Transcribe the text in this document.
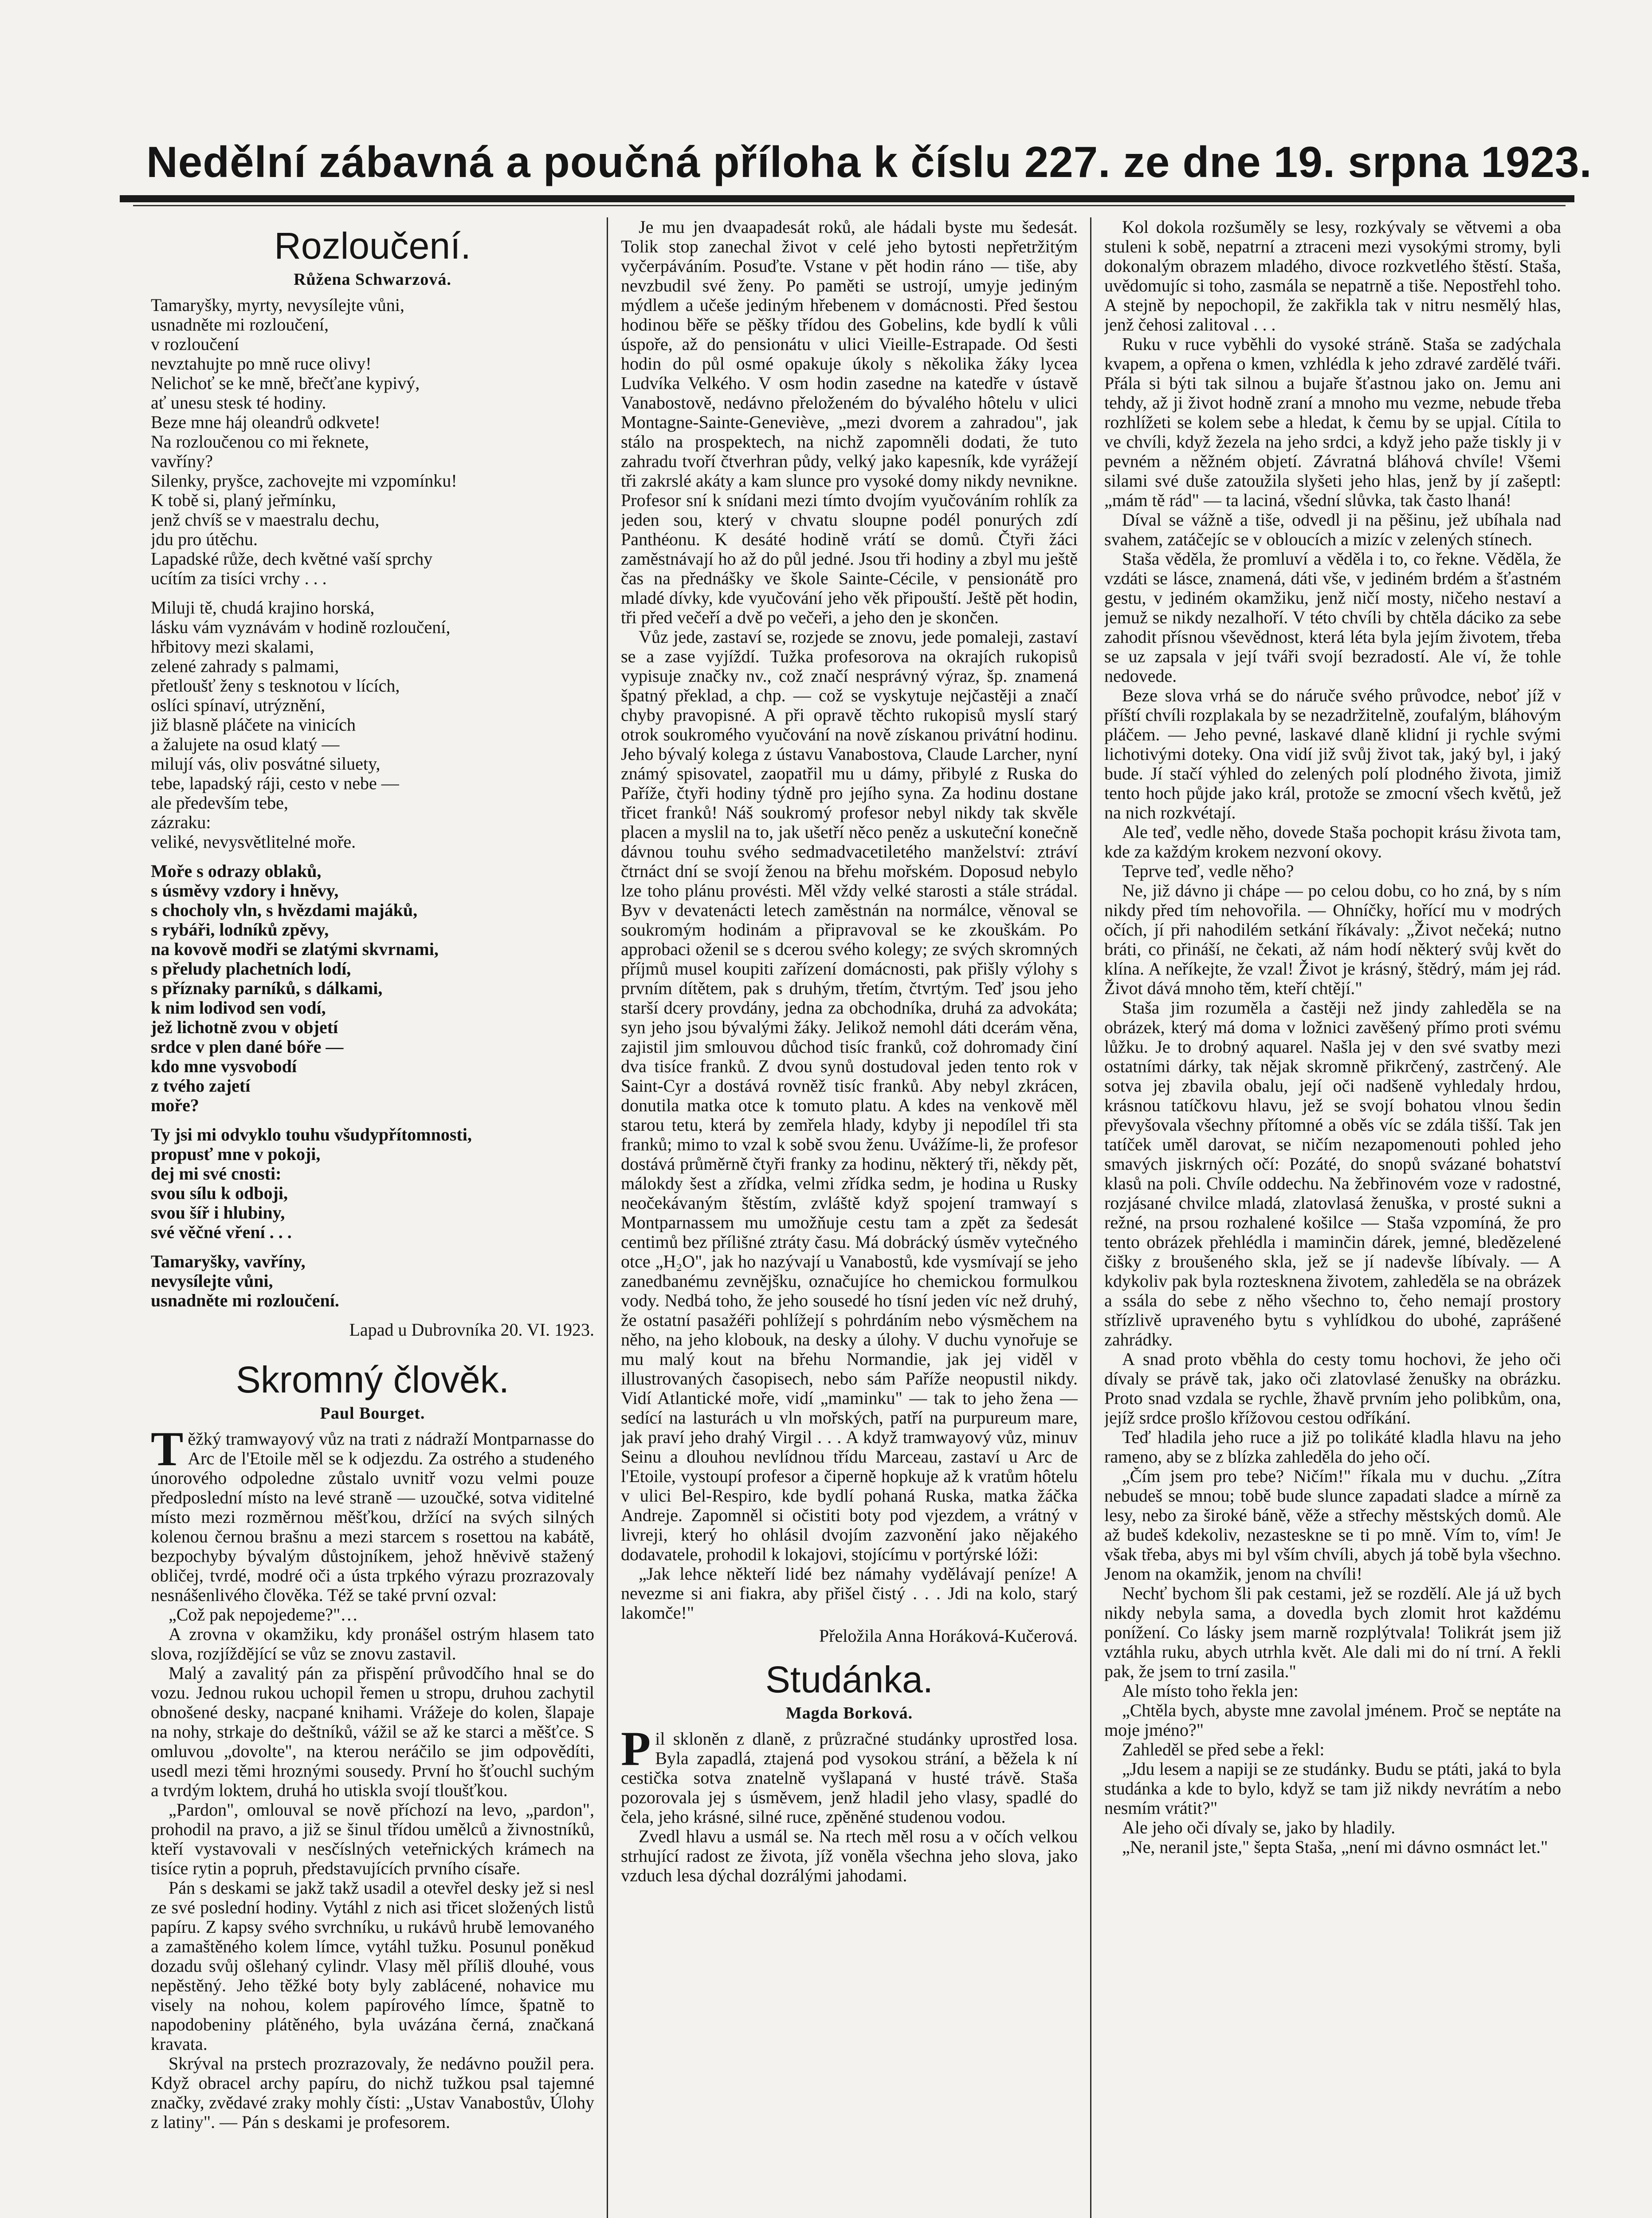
Nedělní zábavná a poučná příloha k číslu 227. ze dne 19. srpna 1923.
Rozloučení.
Růžena Schwarzová.

Tamaryšky, myrty, nevysílejte vůni,
usnadněte mi rozloučení,
v rozloučení
nevztahujte po mně ruce olivy!
Nelichoť se ke mně, břečťane kypivý,
ať unesu stesk té hodiny.
Beze mne háj oleandrů odkvete!
Na rozloučenou co mi řeknete,
vavříny?
Silenky, pryšce, zachovejte mi vzpomínku!
K tobě si, planý jeřmínku,
jenž chvíš se v maestralu dechu,
jdu pro útěchu.
Lapadské růže, dech květné vaší sprchy
ucítím za tisíci vrchy . . .

Miluji tě, chudá krajino horská,
lásku vám vyznávám v hodině rozloučení,
hřbitovy mezi skalami,
zelené zahrady s palmami,
přetloušť ženy s tesknotou v lících,
oslíci spínaví, utrýznění,
již blasně pláčete na vinicích
a žalujete na osud klatý —
milují vás, oliv posvátné siluety,
tebe, lapadský ráji, cesto v nebe —
ale především tebe,
zázraku:
veliké, nevysvětlitelné moře.

Moře s odrazy oblaků,
s úsměvy vzdory i hněvy,
s chocholy vln, s hvězdami majáků,
s rybáři, lodníků zpěvy,
na kovově modři se zlatými skvrnami,
s přeludy plachetních lodí,
s příznaky parníků, s dálkami,
k nim lodivod sen vodí,
jež lichotně zvou v objetí
srdce v plen dané bóře —
kdo mne vysvobodí
z tvého zajetí
moře?

Ty jsi mi odvyklo touhu všudypřítomnosti,
propusť mne v pokoji,
dej mi své cnosti:
svou sílu k odboji,
svou šíř i hlubiny,
své věčné vření . . .

Tamaryšky, vavříny,
nevysílejte vůni,
usnadněte mi rozloučení.

Lapad u Dubrovníka 20. VI. 1923.
Skromný člověk.
Paul Bourget.

Těžký tramwayový vůz na trati z nádraží Montparnasse do Arc de l'Etoile měl se k odjezdu. Za ostrého a studeného únorového odpoledne zůstalo uvnitř vozu velmi pouze předposlední místo na levé straně — uzoučké, sotva viditelné místo mezi rozměrnou měšťkou, držící na svých silných kolenou černou brašnu a mezi starcem s rosettou na kabátě, bezpochyby bývalým důstojníkem, jehož hněvivě stažený obličej, tvrdé, modré oči a ústa trpkého výrazu prozrazovaly nesnášenlivého člověka. Též se také první ozval:

„Což pak nepojedeme?"…

A zrovna v okamžiku, kdy pronášel ostrým hlasem tato slova, rozjíždějící se vůz se znovu zastavil.

Malý a zavalitý pán za přispění průvodčího hnal se do vozu. Jednou rukou uchopil řemen u stropu, druhou zachytil obnošené desky, nacpané knihami. Vrážeje do kolen, šlapaje na nohy, strkaje do deštníků, vážil se až ke starci a měšťce. S omluvou „dovolte", na kterou neráčilo se jim odpovědíti, usedl mezi těmi hroznými sousedy. První ho šťouchl suchým a tvrdým loktem, druhá ho utiskla svojí tloušťkou.

„Pardon", omlouval se nově příchozí na levo, „pardon", prohodil na pravo, a již se šinul třídou umělců a živnostníků, kteří vystavovali v nesčíslných veteřnických krámech na tisíce rytin a popruh, představujících prvního císaře.

Pán s deskami se jakž takž usadil a otevřel desky jež si nesl ze své poslední hodiny. Vytáhl z nich asi třicet složených listů papíru. Z kapsy svého svrchníku, u rukávů hrubě lemovaného a zamaštěného kolem límce, vytáhl tužku. Posunul poněkud dozadu svůj ošlehaný cylindr. Vlasy měl příliš dlouhé, vous nepěstěný. Jeho těžké boty byly zablácené, nohavice mu visely na nohou, kolem papírového límce, špatně to napodobeniny plátěného, byla uvázána černá, značkaná kravata.

Skrýval na prstech prozrazovaly, že nedávno použil pera. Když obracel archy papíru, do nichž tužkou psal tajemné značky, zvědavé zraky mohly čísti: „Ustav Vanabostův, Úlohy z latiny". — Pán s deskami je profesorem.

Je mu jen dvaapadesát roků, ale hádali byste mu šedesát. Tolik stop zanechal život v celé jeho bytosti nepřetržitým vyčerpáváním. Posuďte. Vstane v pět hodin ráno — tiše, aby nevzbudil své ženy. Po paměti se ustrojí, umyje jediným mýdlem a učeše jediným hřebenem v domácnosti. Před šestou hodinou běře se pěšky třídou des Gobelins, kde bydlí k vůli úspoře, až do pensionátu v ulici Vieille-Estrapade. Od šesti hodin do půl osmé opakuje úkoly s několika žáky lycea Ludvíka Velkého. V osm hodin zasedne na katedře v ústavě Vanabostově, nedávno přeloženém do bývalého hôtelu v ulici Montagne-Sainte-Geneviève, „mezi dvorem a zahradou", jak stálo na prospektech, na nichž zapomněli dodati, že tuto zahradu tvoří čtverhran půdy, velký jako kapesník, kde vyrážejí tři zakrslé akáty a kam slunce pro vysoké domy nikdy nevnikne. Profesor sní k snídani mezi tímto dvojím vyučováním rohlík za jeden sou, který v chvatu sloupne podél ponurých zdí Panthéonu. K desáté hodině vrátí se domů. Čtyři žáci zaměstnávají ho až do půl jedné. Jsou tři hodiny a zbyl mu ještě čas na přednášky ve škole Sainte-Cécile, v pensionátě pro mladé dívky, kde vyučování jeho věk připouští. Ještě pět hodin, tři před večeří a dvě po večeři, a jeho den je skončen.

Vůz jede, zastaví se, rozjede se znovu, jede pomaleji, zastaví se a zase vyjíždí. Tužka profesorova na okrajích rukopisů vypisuje značky nv., což značí nesprávný výraz, šp. znamená špatný překlad, a chp. — což se vyskytuje nejčastěji a značí chyby pravopisné. A při opravě těchto rukopisů myslí starý otrok soukromého vyučování na nově získanou privátní hodinu. Jeho bývalý kolega z ústavu Vanabostova, Claude Larcher, nyní známý spisovatel, zaopatřil mu u dámy, přibylé z Ruska do Paříže, čtyři hodiny týdně pro jejího syna. Za hodinu dostane třicet franků! Náš soukromý profesor nebyl nikdy tak skvěle placen a myslil na to, jak ušetří něco peněz a uskuteční konečně dávnou touhu svého sedmadvacetiletého manželství: ztráví čtrnáct dní se svojí ženou na břehu mořském. Doposud nebylo lze toho plánu provésti. Měl vždy velké starosti a stále strádal. Byv v devatenácti letech zaměstnán na normálce, věnoval se soukromým hodinám a připravoval se ke zkouškám. Po approbaci oženil se s dcerou svého kolegy; ze svých skromných příjmů musel koupiti zařízení domácnosti, pak přišly výlohy s prvním dítětem, pak s druhým, třetím, čtvrtým. Teď jsou jeho starší dcery provdány, jedna za obchodníka, druhá za advokáta; syn jeho jsou bývalými žáky. Jelikož nemohl dáti dcerám věna, zajistil jim smlouvou důchod tisíc franků, což dohromady činí dva tisíce franků. Z dvou synů dostudoval jeden tento rok v Saint-Cyr a dostává rovněž tisíc franků. Aby nebyl zkrácen, donutila matka otce k tomuto platu. A kdes na venkově měl starou tetu, která by zemřela hlady, kdyby ji nepodílel tři sta franků; mimo to vzal k sobě svou ženu. Uvážíme-li, že profesor dostává průměrně čtyři franky za hodinu, některý tři, někdy pět, málokdy šest a zřídka, velmi zřídka sedm, je hodina u Rusky neočekávaným štěstím, zvláště když spojení tramwayí s Montparnassem mu umožňuje cestu tam a zpět za šedesát centimů bez přílišné ztráty času. Má dobrácký úsměv vytečného otce „H₂O", jak ho nazývají u Vanabostů, kde vysmívají se jeho zanedbanému zevnějšku, označujíce ho chemickou formulkou vody. Nedbá toho, že jeho sousedé ho tísní jeden víc než druhý, že ostatní pasažéři pohlížejí s pohrdáním nebo výsměchem na něho, na jeho klobouk, na desky a úlohy. V duchu vynořuje se mu malý kout na břehu Normandie, jak jej viděl v illustrovaných časopisech, nebo sám Paříže neopustil nikdy. Vidí Atlantické moře, vidí „maminku" — tak to jeho žena — sedící na lasturách u vln mořských, patří na purpureum mare, jak praví jeho drahý Virgil . . . A když tramwayový vůz, minuv Seinu a dlouhou nevlídnou třídu Marceau, zastaví u Arc de l'Etoile, vystoupí profesor a čiperně hopkuje až k vratům hôtelu v ulici Bel-Respiro, kde bydlí pohaná Ruska, matka žáčka Andreje. Zapomněl si očistiti boty pod vjezdem, a vrátný v livreji, který ho ohlásil dvojím zazvonění jako nějakého dodavatele, prohodil k lokajovi, stojícímu v portýrské lóži:

„Jak lehce někteří lidé bez námahy vydělávají peníze! A nevezme si ani fiakra, aby přišel čistý . . . Jdi na kolo, starý lakomče!"

Přeložila Anna Horáková-Kučerová.
Studánka.
Magda Borková.

Pil skloněn z dlaně, z průzračné studánky uprostřed losa. Byla zapadlá, ztajená pod vysokou strání, a běžela k ní cestička sotva znatelně vyšlapaná v husté trávě. Staša pozorovala jej s úsměvem, jenž hladil jeho vlasy, spadlé do čela, jeho krásné, silné ruce, zpěněné studenou vodou.

Zvedl hlavu a usmál se. Na rtech měl rosu a v očích velkou strhující radost ze života, jíž voněla všechna jeho slova, jako vzduch lesa dýchal dozrálými jahodami.

Kol dokola rozšuměly se lesy, rozkývaly se větvemi a oba stuleni k sobě, nepatrní a ztraceni mezi vysokými stromy, byli dokonalým obrazem mladého, divoce rozkvetlého štěstí. Staša, uvědomujíc si toho, zasmála se nepatrně a tiše. Nepostřehl toho. A stejně by nepochopil, že zakřikla tak v nitru nesmělý hlas, jenž čehosi zalitoval . . .

Ruku v ruce vyběhli do vysoké stráně. Staša se zadýchala kvapem, a opřena o kmen, vzhlédla k jeho zdravé zardělé tváři. Přála si býti tak silnou a bujaře šťastnou jako on. Jemu ani tehdy, až ji život hodně zraní a mnoho mu vezme, nebude třeba rozhlížeti se kolem sebe a hledat, k čemu by se upjal. Cítila to ve chvíli, když žezela na jeho srdci, a když jeho paže tiskly ji v pevném a něžném objetí. Závratná bláhová chvíle! Všemi silami své duše zatoužila slyšeti jeho hlas, jenž by jí zašeptl: „mám tě rád" — ta laciná, všední slůvka, tak často lhaná!

Díval se vážně a tiše, odvedl ji na pěšinu, jež ubíhala nad svahem, zatáčejíc se v obloucích a mizíc v zelených stínech.

Staša věděla, že promluví a věděla i to, co řekne. Věděla, že vzdáti se lásce, znamená, dáti vše, v jediném brdém a šťastném gestu, v jediném okamžiku, jenž ničí mosty, ničeho nestaví a jemuž se nikdy nezalhoří. V této chvíli by chtěla dáciko za sebe zahodit přísnou vševědnost, která léta byla jejím životem, třeba se uz zapsala v její tváři svojí bezradostí. Ale ví, že tohle nedovede.

Beze slova vrhá se do náruče svého průvodce, neboť jíž v příští chvíli rozplakala by se nezadržitelně, zoufalým, bláhovým pláčem. — Jeho pevné, laskavé dlaně klidní ji rychle svými lichotivými doteky. Ona vidí již svůj život tak, jaký byl, i jaký bude. Jí stačí výhled do zelených polí plodného života, jimiž tento hoch půjde jako král, protože se zmocní všech květů, jež na nich rozkvétají.

Ale teď, vedle něho, dovede Staša pochopit krásu života tam, kde za každým krokem nezvoní okovy.

Teprve teď, vedle něho?

Ne, již dávno ji chápe — po celou dobu, co ho zná, by s ním nikdy před tím nehovořila. — Ohníčky, hořící mu v modrých očích, jí při nahodilém setkání říkávaly: „Život nečeká; nutno bráti, co přináší, ne čekati, až nám hodí některý svůj květ do klína. A neříkejte, že vzal! Život je krásný, štědrý, mám jej rád. Život dává mnoho těm, kteří chtějí."

Staša jim rozuměla a častěji než jindy zahleděla se na obrázek, který má doma v ložnici zavěšený přímo proti svému lůžku. Je to drobný aquarel. Našla jej v den své svatby mezi ostatními dárky, tak nějak skromně přikrčený, zastrčený. Ale sotva jej zbavila obalu, její oči nadšeně vyhledaly hrdou, krásnou tatíčkovu hlavu, jež se svojí bohatou vlnou šedin převyšovala všechny přítomné a oběs víc se zdála tišší. Tak jen tatíček uměl darovat, se ničím nezapomenouti pohled jeho smavých jiskrných očí: Pozáté, do snopů svázané bohatství klasů na poli. Chvíle oddechu. Na žebřinovém voze v radostné, rozjásané chvilce mladá, zlatovlasá ženuška, v prosté sukni a režné, na prsou rozhalené košilce — Staša vzpomíná, že pro tento obrázek přehlédla i maminčin dárek, jemné, bledězelené čišky z broušeného skla, jež se jí nadevše líbívaly. — A kdykoliv pak byla roztesknena životem, zahleděla se na obrázek a ssála do sebe z něho všechno to, čeho nemají prostory střízlivě upraveného bytu s vyhlídkou do ubohé, zaprášené zahrádky.

A snad proto vběhla do cesty tomu hochovi, že jeho oči dívaly se právě tak, jako oči zlatovlasé ženušky na obrázku. Proto snad vzdala se rychle, žhavě prvním jeho polibkům, ona, jejíž srdce prošlo křížovou cestou odříkání.

Teď hladila jeho ruce a již po tolikáté kladla hlavu na jeho rameno, aby se z blízka zahleděla do jeho očí.

„Čím jsem pro tebe? Ničím!" říkala mu v duchu. „Zítra nebudeš se mnou; tobě bude slunce zapadati sladce a mírně za lesy, nebo za široké báně, věže a střechy městských domů. Ale až budeš kdekoliv, nezastesknе se ti po mně. Vím to, vím! Je však třeba, abys mi byl vším chvíli, abych já tobě byla všechno. Jenom na okamžik, jenom na chvíli!

Nechť bychom šli pak cestami, jež se rozdělí. Ale já už bych nikdy nebyla sama, a dovedla bych zlomit hrot každému ponížení. Co lásky jsem marně rozplýtvala! Tolikrát jsem již vztáhla ruku, abych utrhla květ. Ale dali mi do ní trní. A řekli pak, že jsem to trní zasila."

Ale místo toho řekla jen:

„Chtěla bych, abyste mne zavolal jménem. Proč se neptáte na moje jméno?"

Zahleděl se před sebe a řekl:

„Jdu lesem a napiji se ze studánky. Budu se ptáti, jaká to byla studánka a kde to bylo, když se tam již nikdy nevrátím a nebo nesmím vrátit?"

Ale jeho oči dívaly se, jako by hladily.

„Ne, neranil jste," šepta Staša, „není mi dávno osmnáct let."
